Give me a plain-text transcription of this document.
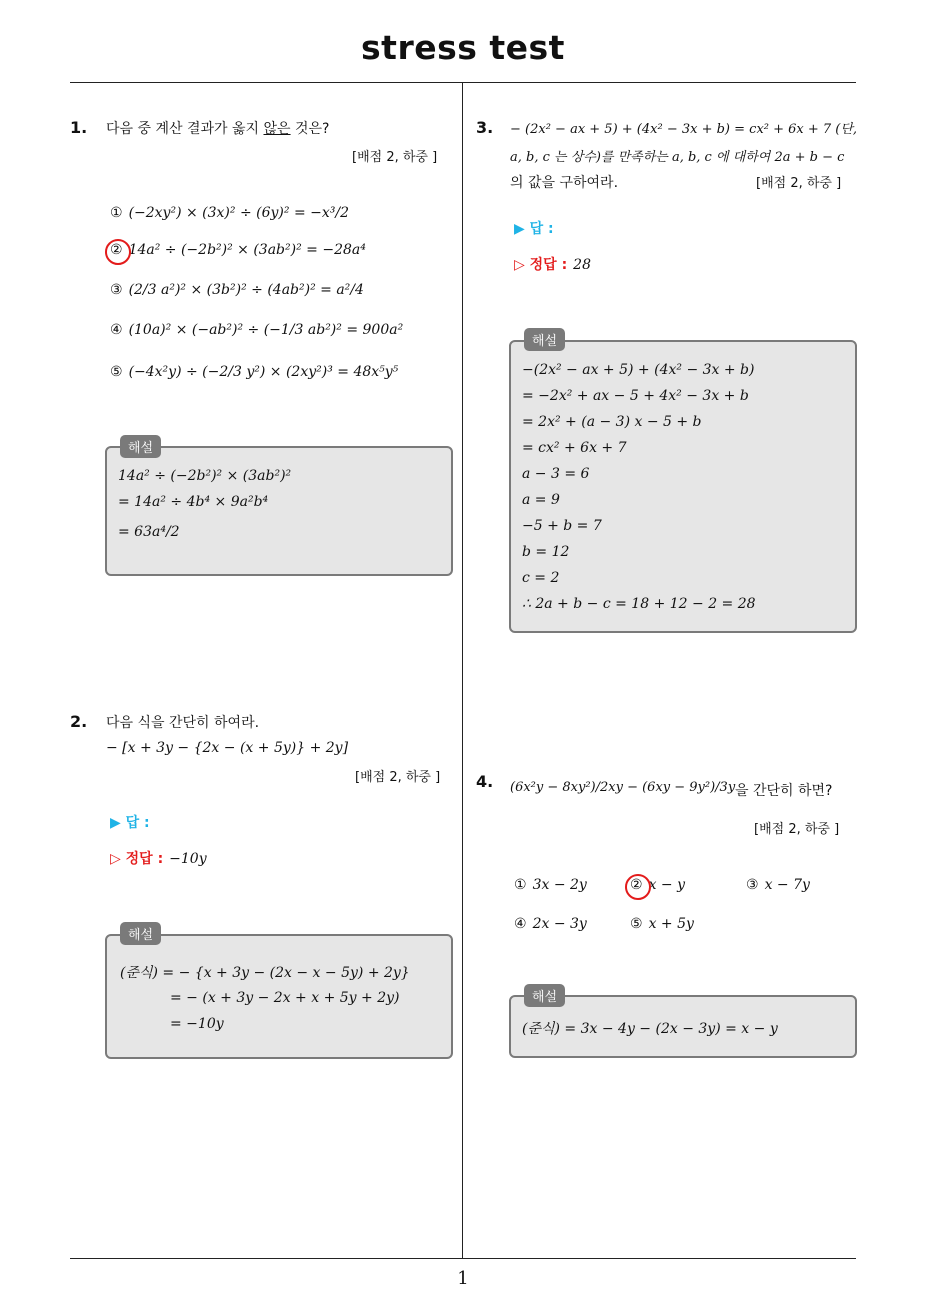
stress test
1
1. 다음 중 계산 결과가 옳지 않은 것은?
[배점 2, 하중 ]
① (−2xy²) × (3x)² ÷ (6y)² = −x³/2
② 14a² ÷ (−2b²)² × (3ab²)² = −28a⁴
③ (2/3 a²)² × (3b²)² ÷ (4ab²)² = a²/4
④ (10a)² × (−ab²)² ÷ (−1/3 ab²)² = 900a²
⑤ (−4x²y) ÷ (−2/3 y²) × (2xy²)³ = 48x⁵y⁵
해설
14a² ÷ (−2b²)² × (3ab²)²
= 14a² ÷ 4b⁴ × 9a²b⁴
= 63a⁴/2
2. 다음 식을 간단히 하여라.
− [x + 3y − {2x − (x + 5y)} + 2y]
[배점 2, 하중 ]
▶ 답 :
▷ 정답 : −10y
해설
(준식) = − {x + 3y − (2x − x − 5y) + 2y}
= − (x + 3y − 2x + x + 5y + 2y)
= −10y
3. − (2x² − ax + 5) + (4x² − 3x + b) = cx² + 6x + 7 (단,
a, b, c 는 상수)를 만족하는 a, b, c 에 대하여 2a + b − c
의 값을 구하여라.	[배점 2, 하중 ]
▶ 답 :
▷ 정답 : 28
해설
−(2x² − ax + 5) + (4x² − 3x + b)
= −2x² + ax − 5 + 4x² − 3x + b
= 2x² + (a − 3) x − 5 + b
= cx² + 6x + 7
a − 3 = 6
a = 9
−5 + b = 7
b = 12
c = 2
∴ 2a + b − c = 18 + 12 − 2 = 28
4. (6x²y − 8xy²)/2xy − (6xy − 9y²)/3y 을 간단히 하면?
[배점 2, 하중 ]
① 3x − 2y	② x − y	③ x − 7y
④ 2x − 3y	⑤ x + 5y
해설
(준식) = 3x − 4y − (2x − 3y) = x − y
